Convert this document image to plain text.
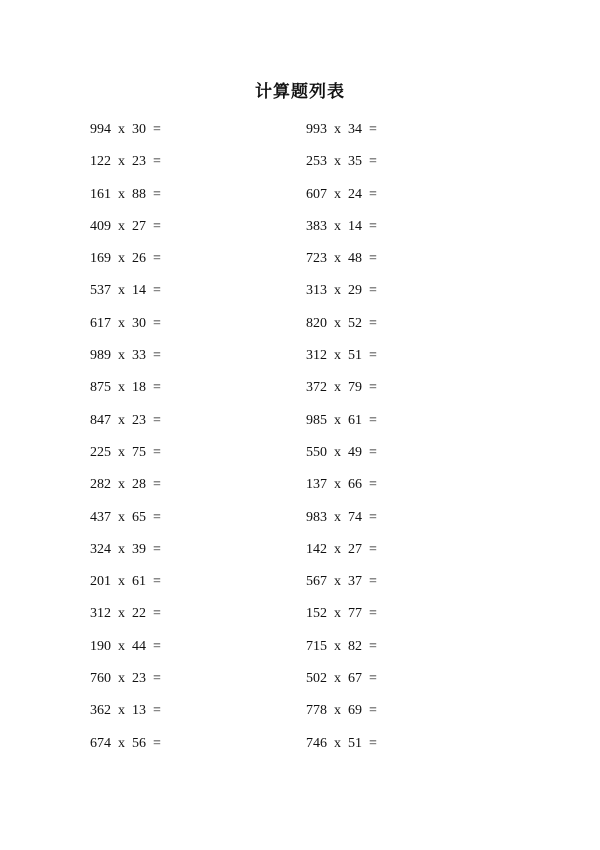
计算题列表
994  x  30  =
122  x  23  =
161  x  88  =
409  x  27  =
169  x  26  =
537  x  14  =
617  x  30  =
989  x  33  =
875  x  18  =
847  x  23  =
225  x  75  =
282  x  28  =
437  x  65  =
324  x  39  =
201  x  61  =
312  x  22  =
190  x  44  =
760  x  23  =
362  x  13  =
674  x  56  =
993  x  34  =
253  x  35  =
607  x  24  =
383  x  14  =
723  x  48  =
313  x  29  =
820  x  52  =
312  x  51  =
372  x  79  =
985  x  61  =
550  x  49  =
137  x  66  =
983  x  74  =
142  x  27  =
567  x  37  =
152  x  77  =
715  x  82  =
502  x  67  =
778  x  69  =
746  x  51  =
